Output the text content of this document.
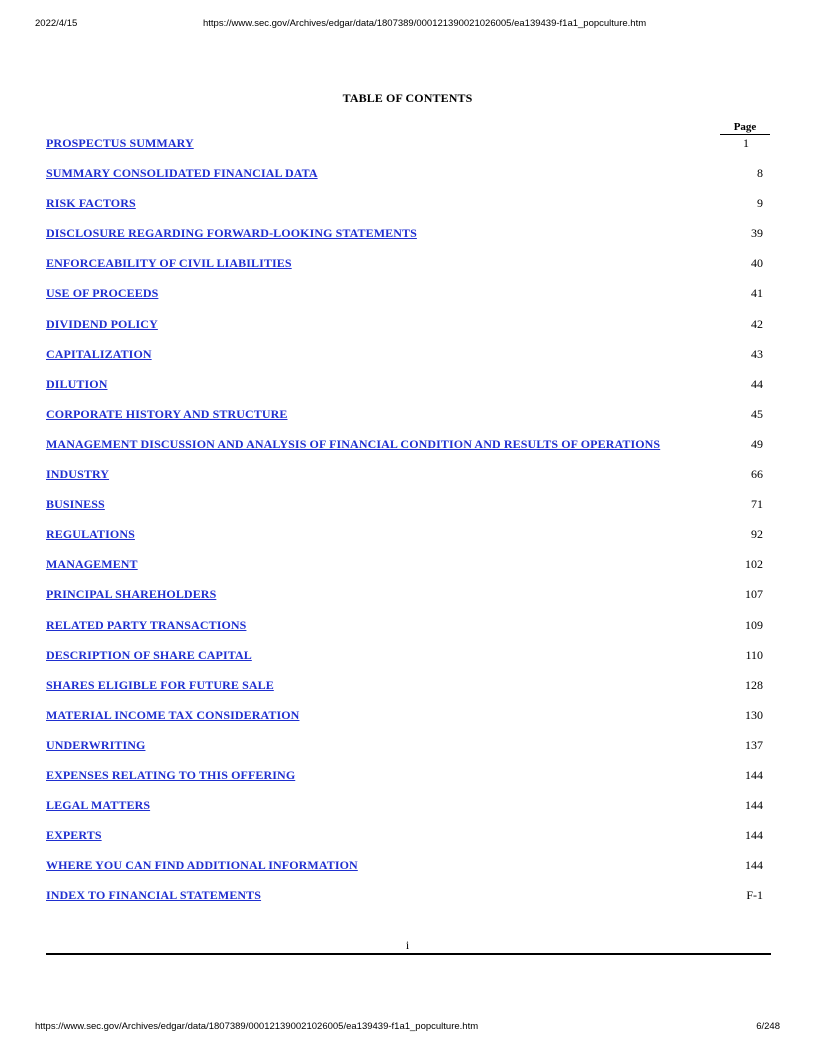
2022/4/15	https://www.sec.gov/Archives/edgar/data/1807389/000121390021026005/ea139439-f1a1_popculture.htm
TABLE OF CONTENTS
Page
PROSPECTUS SUMMARY	1
SUMMARY CONSOLIDATED FINANCIAL DATA	8
RISK FACTORS	9
DISCLOSURE REGARDING FORWARD-LOOKING STATEMENTS	39
ENFORCEABILITY OF CIVIL LIABILITIES	40
USE OF PROCEEDS	41
DIVIDEND POLICY	42
CAPITALIZATION	43
DILUTION	44
CORPORATE HISTORY AND STRUCTURE	45
MANAGEMENT DISCUSSION AND ANALYSIS OF FINANCIAL CONDITION AND RESULTS OF OPERATIONS	49
INDUSTRY	66
BUSINESS	71
REGULATIONS	92
MANAGEMENT	102
PRINCIPAL SHAREHOLDERS	107
RELATED PARTY TRANSACTIONS	109
DESCRIPTION OF SHARE CAPITAL	110
SHARES ELIGIBLE FOR FUTURE SALE	128
MATERIAL INCOME TAX CONSIDERATION	130
UNDERWRITING	137
EXPENSES RELATING TO THIS OFFERING	144
LEGAL MATTERS	144
EXPERTS	144
WHERE YOU CAN FIND ADDITIONAL INFORMATION	144
INDEX TO FINANCIAL STATEMENTS	F-1
i
https://www.sec.gov/Archives/edgar/data/1807389/000121390021026005/ea139439-f1a1_popculture.htm	6/248
